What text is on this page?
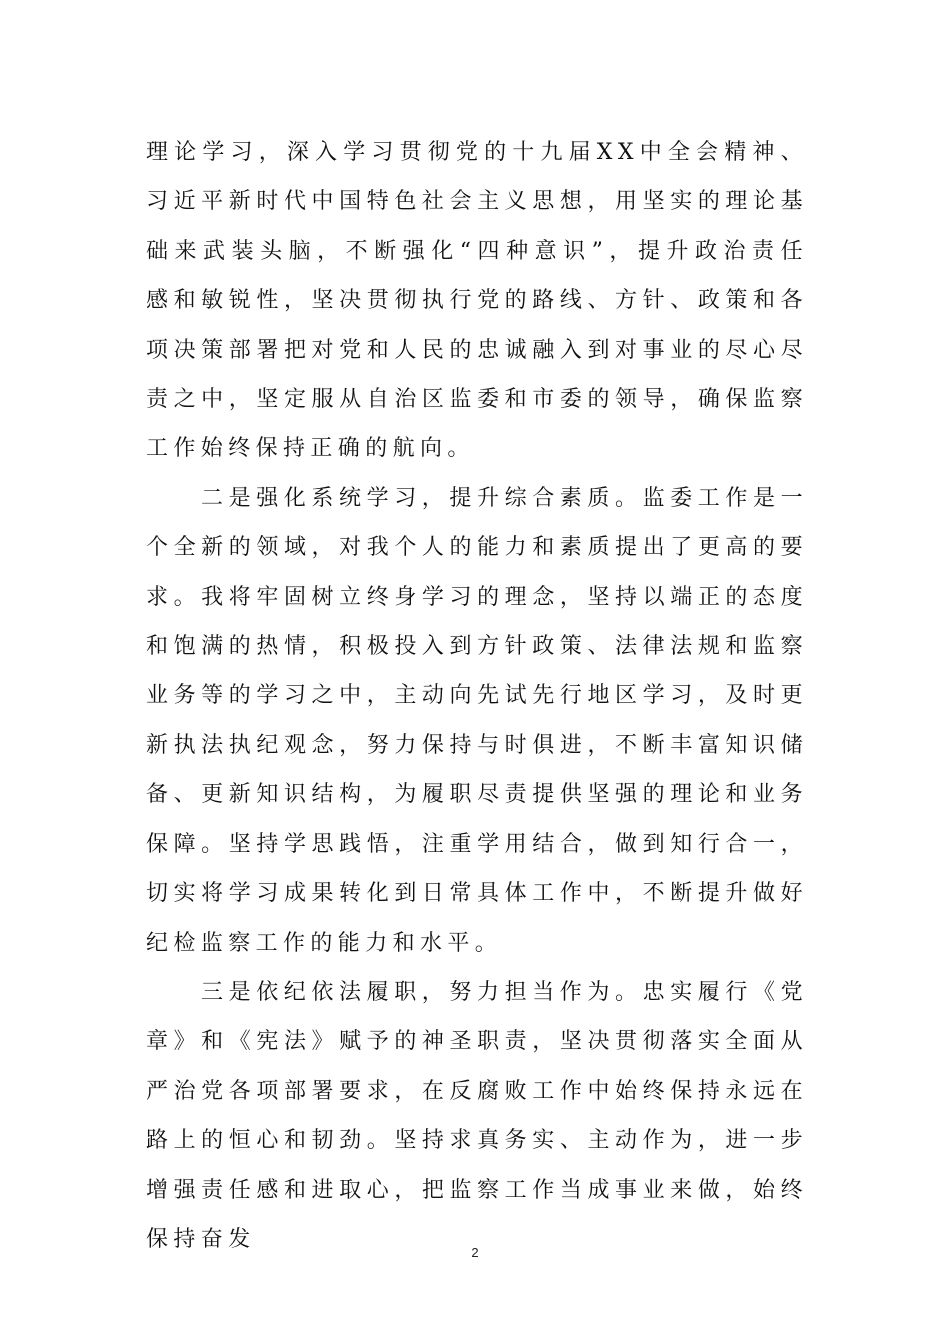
理论学习，深入学习贯彻党的十九届XX中全会精神、习近平新时代中国特色社会主义思想，用坚实的理论基础来武装头脑，不断强化“四种意识”，提升政治责任感和敏锐性，坚决贯彻执行党的路线、方针、政策和各项决策部署把对党和人民的忠诚融入到对事业的尽心尽责之中，坚定服从自治区监委和市委的领导，确保监察工作始终保持正确的航向。

二是强化系统学习，提升综合素质。监委工作是一个全新的领域，对我个人的能力和素质提出了更高的要求。我将牢固树立终身学习的理念，坚持以端正的态度和饱满的热情，积极投入到方针政策、法律法规和监察业务等的学习之中，主动向先试先行地区学习，及时更新执法执纪观念，努力保持与时俱进，不断丰富知识储备、更新知识结构，为履职尽责提供坚强的理论和业务保障。坚持学思践悟，注重学用结合，做到知行合一，切实将学习成果转化到日常具体工作中，不断提升做好纪检监察工作的能力和水平。

三是依纪依法履职，努力担当作为。忠实履行《党章》和《宪法》赋予的神圣职责，坚决贯彻落实全面从严治党各项部署要求，在反腐败工作中始终保持永远在路上的恒心和韧劲。坚持求真务实、主动作为，进一步增强责任感和进取心，把监察工作当成事业来做，始终保持奋发

2
